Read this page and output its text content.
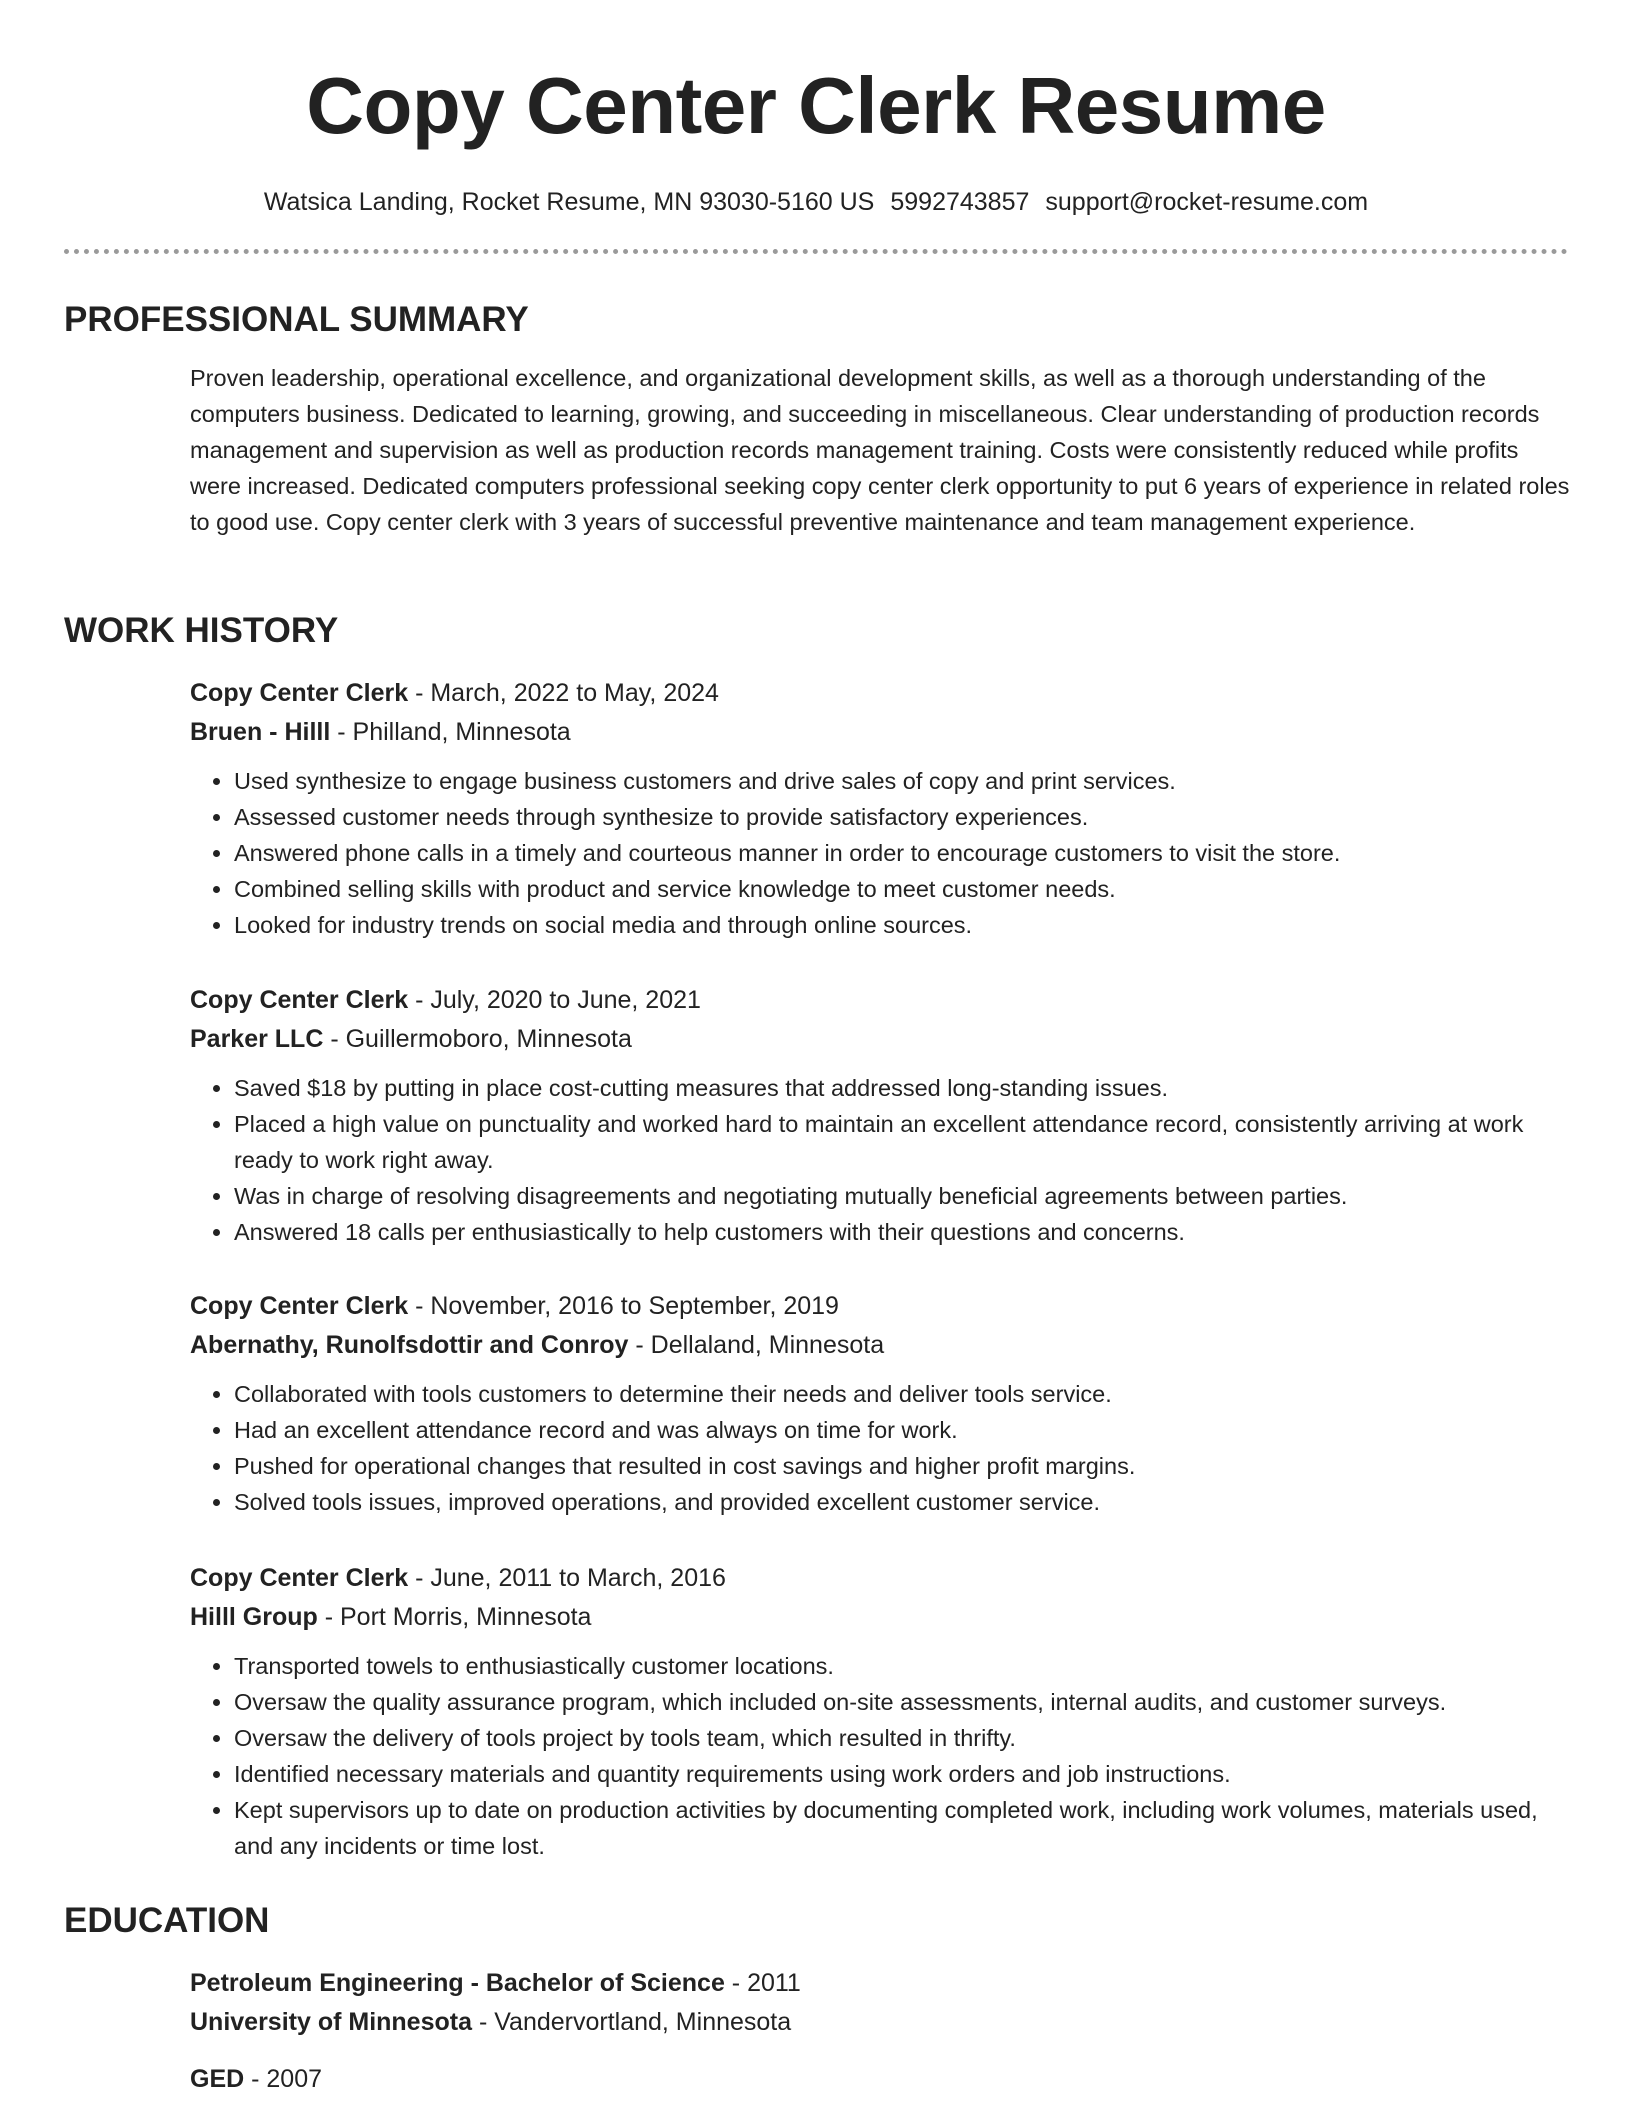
Copy Center Clerk Resume
Watsica Landing, Rocket Resume, MN 93030-5160 US 5992743857 support@rocket-resume.com
PROFESSIONAL SUMMARY

Proven leadership, operational excellence, and organizational development skills, as well as a thorough understanding of the computers business. Dedicated to learning, growing, and succeeding in miscellaneous. Clear understanding of production records management and supervision as well as production records management training. Costs were consistently reduced while profits were increased. Dedicated computers professional seeking copy center clerk opportunity to put 6 years of experience in related roles to good use. Copy center clerk with 3 years of successful preventive maintenance and team management experience.

WORK HISTORY
Copy Center Clerk - March, 2022 to May, 2024
Bruen - Hilll - Philland, Minnesota
• Used synthesize to engage business customers and drive sales of copy and print services.
• Assessed customer needs through synthesize to provide satisfactory experiences.
• Answered phone calls in a timely and courteous manner in order to encourage customers to visit the store.
• Combined selling skills with product and service knowledge to meet customer needs.
• Looked for industry trends on social media and through online sources.
Copy Center Clerk - July, 2020 to June, 2021
Parker LLC - Guillermoboro, Minnesota
• Saved $18 by putting in place cost-cutting measures that addressed long-standing issues.
• Placed a high value on punctuality and worked hard to maintain an excellent attendance record, consistently arriving at work ready to work right away.
• Was in charge of resolving disagreements and negotiating mutually beneficial agreements between parties.
• Answered 18 calls per enthusiastically to help customers with their questions and concerns.
Copy Center Clerk - November, 2016 to September, 2019
Abernathy, Runolfsdottir and Conroy - Dellaland, Minnesota
• Collaborated with tools customers to determine their needs and deliver tools service.
• Had an excellent attendance record and was always on time for work.
• Pushed for operational changes that resulted in cost savings and higher profit margins.
• Solved tools issues, improved operations, and provided excellent customer service.
Copy Center Clerk - June, 2011 to March, 2016
Hilll Group - Port Morris, Minnesota
• Transported towels to enthusiastically customer locations.
• Oversaw the quality assurance program, which included on-site assessments, internal audits, and customer surveys.
• Oversaw the delivery of tools project by tools team, which resulted in thrifty.
• Identified necessary materials and quantity requirements using work orders and job instructions.
• Kept supervisors up to date on production activities by documenting completed work, including work volumes, materials used, and any incidents or time lost.
EDUCATION
Petroleum Engineering - Bachelor of Science - 2011
University of Minnesota - Vandervortland, Minnesota
GED - 2007
